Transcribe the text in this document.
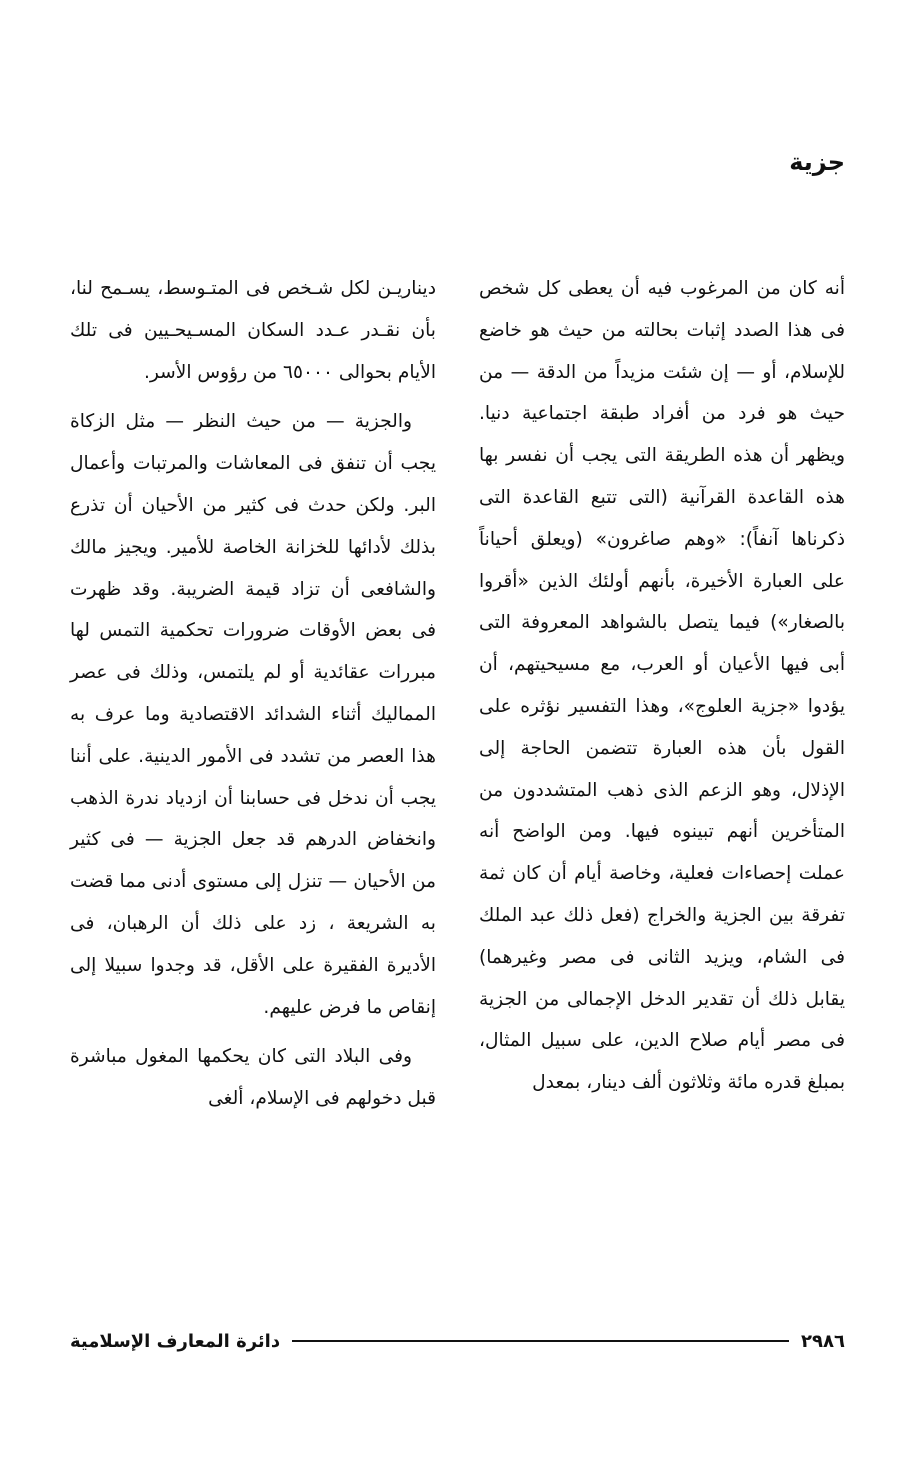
جزية

أنه كان من المرغوب فيه أن يعطى كل شخص فى هذا الصدد إثبات بحالته من حيث هو خاضع للإسلام، أو — إن شئت مزيداً من الدقة — من حيث هو فرد من أفراد طبقة اجتماعية دنيا. ويظهر أن هذه الطريقة التى يجب أن نفسر بها هذه القاعدة القرآنية (التى تتبع القاعدة التى ذكرناها آنفاً): «وهم صاغرون» (ويعلق أحياناً على العبارة الأخيرة، بأنهم أولئك الذين «أقروا بالصغار») فيما يتصل بالشواهد المعروفة التى أبى فيها الأعيان أو العرب، مع مسيحيتهم، أن يؤدوا «جزية العلوج»، وهذا التفسير نؤثره على القول بأن هذه العبارة تتضمن الحاجة إلى الإذلال، وهو الزعم الذى ذهب المتشددون من المتأخرين أنهم تبينوه فيها. ومن الواضح أنه عملت إحصاءات فعلية، وخاصة أيام أن كان ثمة تفرقة بين الجزية والخراج (فعل ذلك عبد الملك فى الشام، ويزيد الثانى فى مصر وغيرهما) يقابل ذلك أن تقدير الدخل الإجمالى من الجزية فى مصر أيام صلاح الدين، على سبيل المثال، بمبلغ قدره مائة وثلاثون ألف دينار، بمعدل

ديناريـن لكل شـخص فى المتـوسط، يسـمح لنا، بأن نقـدر عـدد السكان المسـيحـيين فى تلك الأيام بحوالى ٦٥٠٠٠ من رؤوس الأسر.

والجزية — من حيث النظر — مثل الزكاة يجب أن تنفق فى المعاشات والمرتبات وأعمال البر. ولكن حدث فى كثير من الأحيان أن تذرع بذلك لأدائها للخزانة الخاصة للأمير. ويجيز مالك والشافعى أن تزاد قيمة الضريبة. وقد ظهرت فى بعض الأوقات ضرورات تحكمية التمس لها مبررات عقائدية أو لم يلتمس، وذلك فى عصر المماليك أثناء الشدائد الاقتصادية وما عرف به هذا العصر من تشدد فى الأمور الدينية. على أننا يجب أن ندخل فى حسابنا أن ازدياد ندرة الذهب وانخفاض الدرهم قد جعل الجزية — فى كثير من الأحيان — تنزل إلى مستوى أدنى مما قضت به الشريعة ، زد على ذلك أن الرهبان، فى الأديرة الفقيرة على الأقل، قد وجدوا سبيلا إلى إنقاص ما فرض عليهم.

وفى البلاد التى كان يحكمها المغول مباشرة قبل دخولهم فى الإسلام، ألغى

٢٩٨٦
دائرة المعارف الإسلامية
